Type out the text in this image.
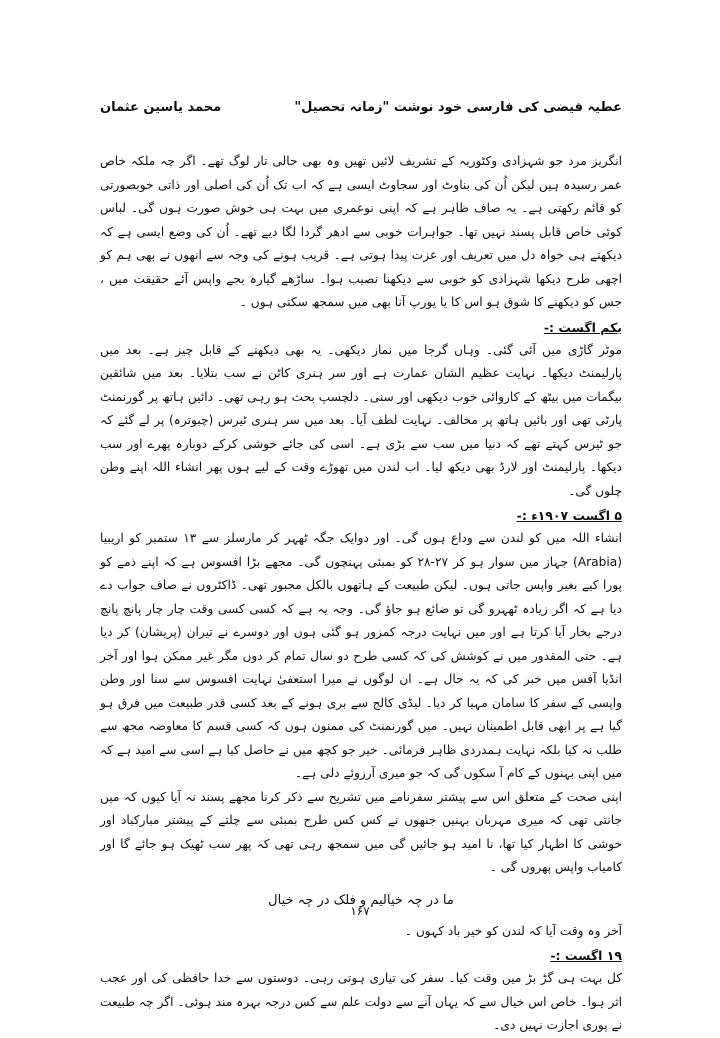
عطیہ فیضی کی فارسی خود نوشت "زمانہ تحصیل"
محمد یاسین عثمان

انگریز مرد جو شہزادی وکٹوریہ کے تشریف لائیں تھیں وہ بھی حالی تار لوگ تھے۔ اگر چہ ملکہ خاص عمر رسیدہ ہیں لیکن اُن کی بناوٹ اور سجاوٹ ایسی ہے کہ اب تک اُن کی اصلی اور ذاتی خوبصورتی کو قائم رکھتی ہے۔ یہ صاف ظاہر ہے کہ اپنی نوعمری میں بہت ہی خوش صورت ہوں گی۔ لباس کوئی خاص قابل پسند نہیں تھا۔ جواہرات خوبی سے ادھر گردا لگا دیے تھے۔ اُن کی وضع ایسی ہے کہ دیکھتے ہی خواہ دل میں تعریف اور عزت پیدا ہوتی ہے۔ قریب ہونے کی وجہ سے انھوں نے بھی ہم کو اچھی طرح دیکھا شہزادی کو خوبی سے دیکھنا نصیب ہوا۔ ساڑھے گیارہ بجے واپس آئے حقیقت میں ، جس کو دیکھنے کا شوق ہو اس کا یا یورپ آنا بھی میں سمجھ سکتی ہوں ۔

یکم اگست :-

موٹر گاڑی میں آئی گئی۔ وہاں گرجا میں نماز دیکھی۔ یہ بھی دیکھنے کے قابل چیز ہے۔ بعد میں پارلیمنٹ دیکھا۔ نہایت عظیم الشان عمارت ہے اور سر ہنری کاٹن نے سب بتلایا۔ بعد میں شائقین بیگمات میں بیٹھ کے کاروائی خوب دیکھی اور سنی۔ دلچسپ بحث ہو رہی تھی۔ دائیں ہاتھ پر گورنمنٹ پارٹی تھی اور بائیں ہاتھ پر مخالف۔ نہایت لطف آیا۔ بعد میں سر ہنری ٹیرس (چبوترہ) پر لے گئے کہ جو ٹیرس کہتے تھے کہ دنیا میں سب سے بڑی ہے۔ اسی کی جائے خوشی کرکے دوبارہ پھرے اور سب دیکھا۔ پارلیمنٹ اور لارڈ بھی دیکھ لیا۔ اب لندن میں تھوڑے وقت کے لیے ہوں پھر انشاء اللہ اپنے وطن چلوں گی۔

۵ اگست ۱۹۰۷ء :-

انشاء اللہ میں کو لندن سے وداع ہوں گی۔ اور دوایک جگہ ٹھہر کر مارسلز سے ۱۳ ستمبر کو اریبیا (Arabia) جہاز میں سوار ہو کر ۲۷-۲۸ کو بمبئی پہنچوں گی۔ مجھے بڑا افسوس ہے کہ اپنے ذمے کو پورا کیے بغیر واپس جاتی ہوں۔ لیکن طبیعت کے ہاتھوں بالکل مجبور تھی۔ ڈاکٹروں نے صاف جواب دے دیا ہے کہ اگر زیادہ ٹھہرو گی تو ضائع ہو جاؤ گی۔ وجہ یہ ہے کہ کسی کسی وقت چار چار پانچ پانچ درجے بخار آیا کرتا ہے اور میں نہایت درجہ کمزور ہو گئی ہوں اور دوسرے نے تیران (پریشان) کر دیا ہے۔ حتی المقدور میں نے کوشش کی کہ کسی طرح دو سال تمام کر دوں مگر غیر ممکن ہوا اور آخر انڈیا آفس میں خبر کی کہ یہ حال ہے۔ ان لوگوں نے میرا استعفیٰ نہایت افسوس سے سنا اور وطن واپسی کے سفر کا سامان مہیا کر دیا۔ لیڈی کالج سے بری ہونے کے بعد کسی قدر طبیعت میں فرق ہو گیا ہے پر ابھی قابل اطمینان نہیں۔ میں گورنمنٹ کی ممنون ہوں کہ کسی قسم کا معاوضہ مجھ سے طلب نہ کیا بلکہ نہایت ہمدردی ظاہر فرمائی۔ خیر جو کچھ میں نے حاصل کیا ہے اسی سے امید ہے کہ میں اپنی بہنوں کے کام آ سکوں گی کہ جو میری آرزوئے دلی ہے۔

اپنی صحت کے متعلق اس سے پیشتر سفرنامے میں تشریح سے ذکر کرنا مجھے پسند نہ آیا کیوں کہ میں جانتی تھی کہ میری مہربان بہنیں جنھوں نے کس کس طرح بمبئی سے چلتے کے پیشتر مبارکباد اور خوشی کا اظہار کیا تھا، نا امید ہو جائیں گی میں سمجھ رہی تھی کہ پھر سب ٹھیک ہو جائے گا اور کامیاب واپس پھروں گی ۔

ما در چہ خیالیم و فلک در چہ خیال

آخر وہ وقت آیا کہ لندن کو خیر باد کہوں ۔

۱۹ اگست :-

کل بہت ہی گڑ بڑ میں وقت کیا۔ سفر کی تیاری ہوتی رہی۔ دوستوں سے خدا حافظی کی اور عجب اثر ہوا۔ خاص اس خیال سے کہ یہاں آنے سے دولت علم سے کس درجہ بہرہ مند ہوئی۔ اگر چہ طبیعت نے پوری اجازت نہیں دی۔

۱۶۷
